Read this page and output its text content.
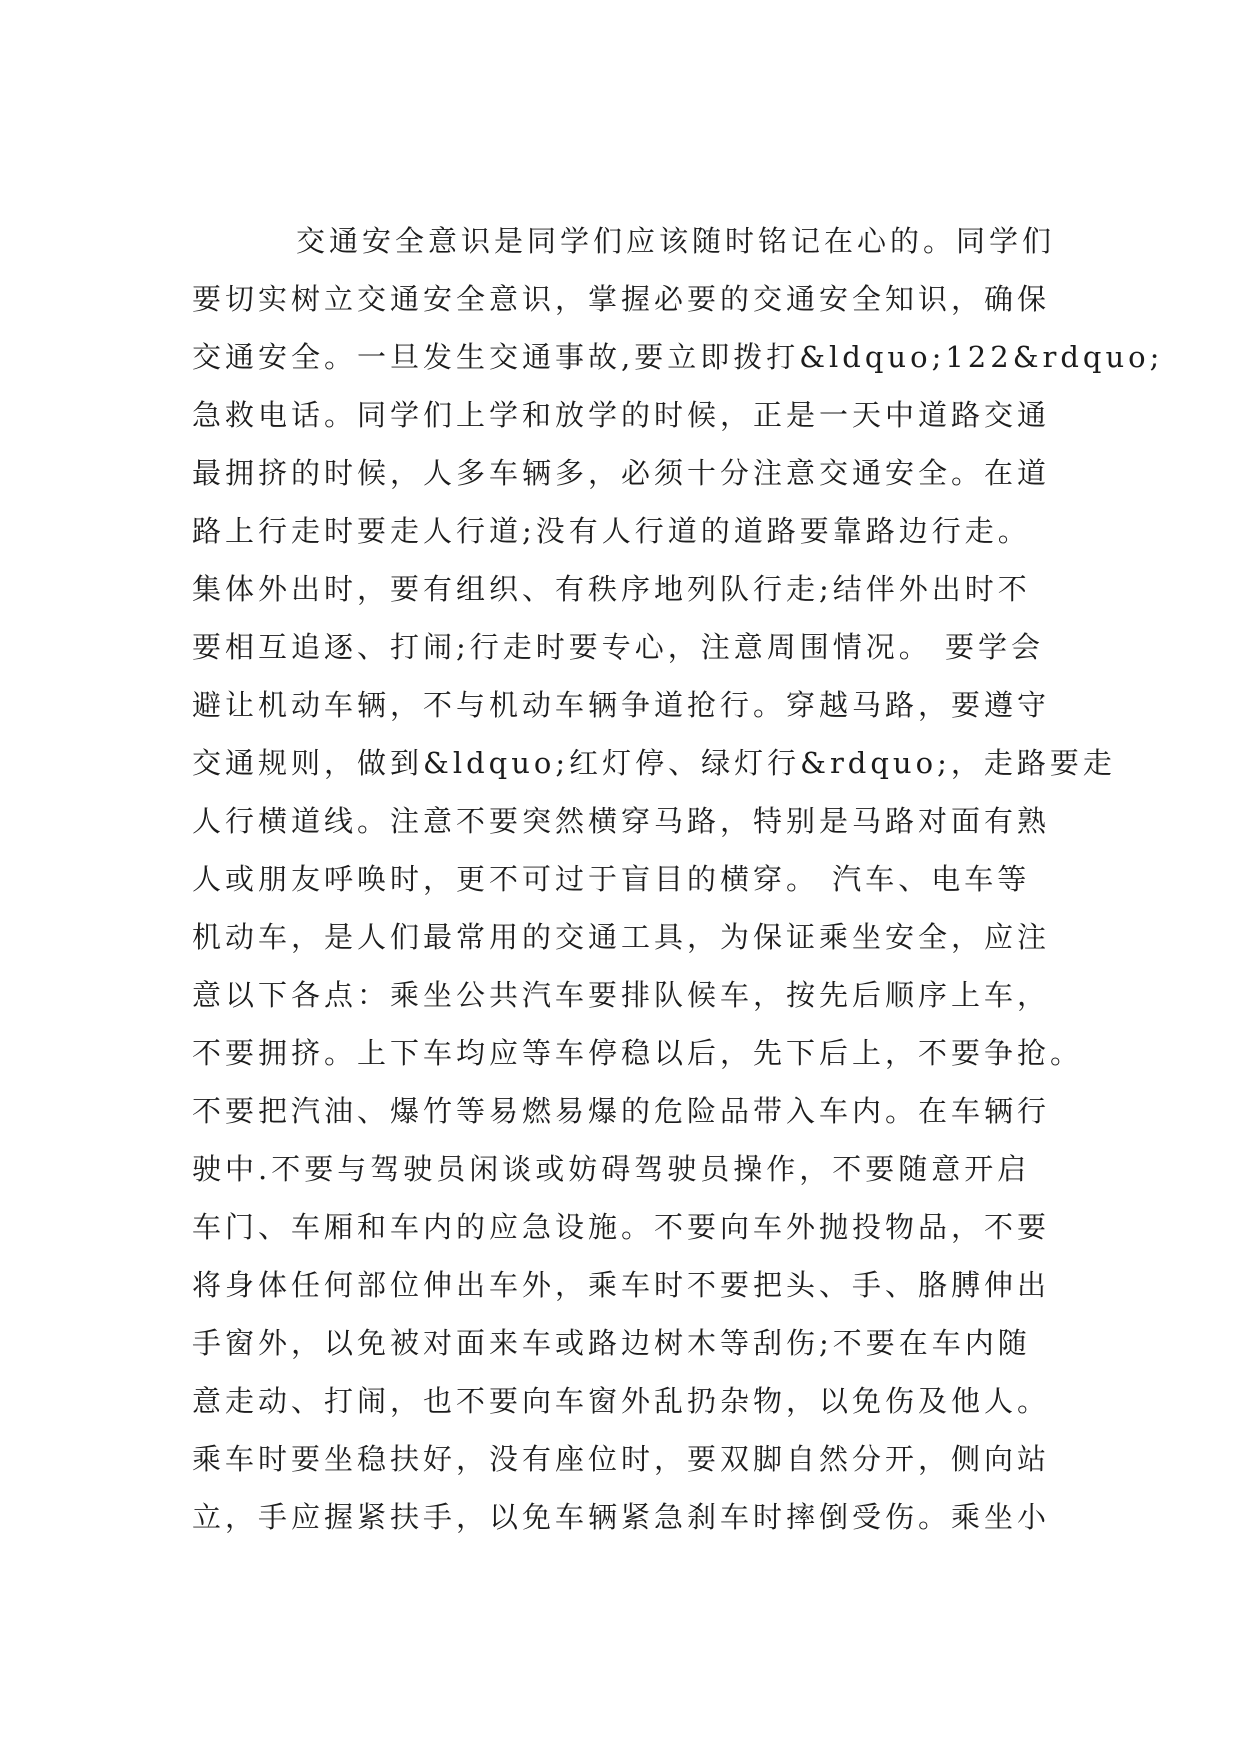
交通安全意识是同学们应该随时铭记在心的。同学们
要切实树立交通安全意识，掌握必要的交通安全知识，确保
交通安全。一旦发生交通事故,要立即拨打&ldquo;122&rdquo;
急救电话。同学们上学和放学的时候，正是一天中道路交通
最拥挤的时候，人多车辆多，必须十分注意交通安全。在道
路上行走时要走人行道;没有人行道的道路要靠路边行走。
集体外出时，要有组织、有秩序地列队行走;结伴外出时不
要相互追逐、打闹;行走时要专心，注意周围情况。 要学会
避让机动车辆，不与机动车辆争道抢行。穿越马路，要遵守
交通规则，做到&ldquo;红灯停、绿灯行&rdquo;，走路要走
人行横道线。注意不要突然横穿马路，特别是马路对面有熟
人或朋友呼唤时，更不可过于盲目的横穿。 汽车、电车等
机动车，是人们最常用的交通工具，为保证乘坐安全，应注
意以下各点：乘坐公共汽车要排队候车，按先后顺序上车，
不要拥挤。上下车均应等车停稳以后，先下后上，不要争抢。
不要把汽油、爆竹等易燃易爆的危险品带入车内。在车辆行
驶中.不要与驾驶员闲谈或妨碍驾驶员操作，不要随意开启
车门、车厢和车内的应急设施。不要向车外抛投物品，不要
将身体任何部位伸出车外，乘车时不要把头、手、胳膊伸出
手窗外，以免被对面来车或路边树木等刮伤;不要在车内随
意走动、打闹，也不要向车窗外乱扔杂物，以免伤及他人。
乘车时要坐稳扶好，没有座位时，要双脚自然分开，侧向站
立，手应握紧扶手，以免车辆紧急刹车时摔倒受伤。乘坐小
